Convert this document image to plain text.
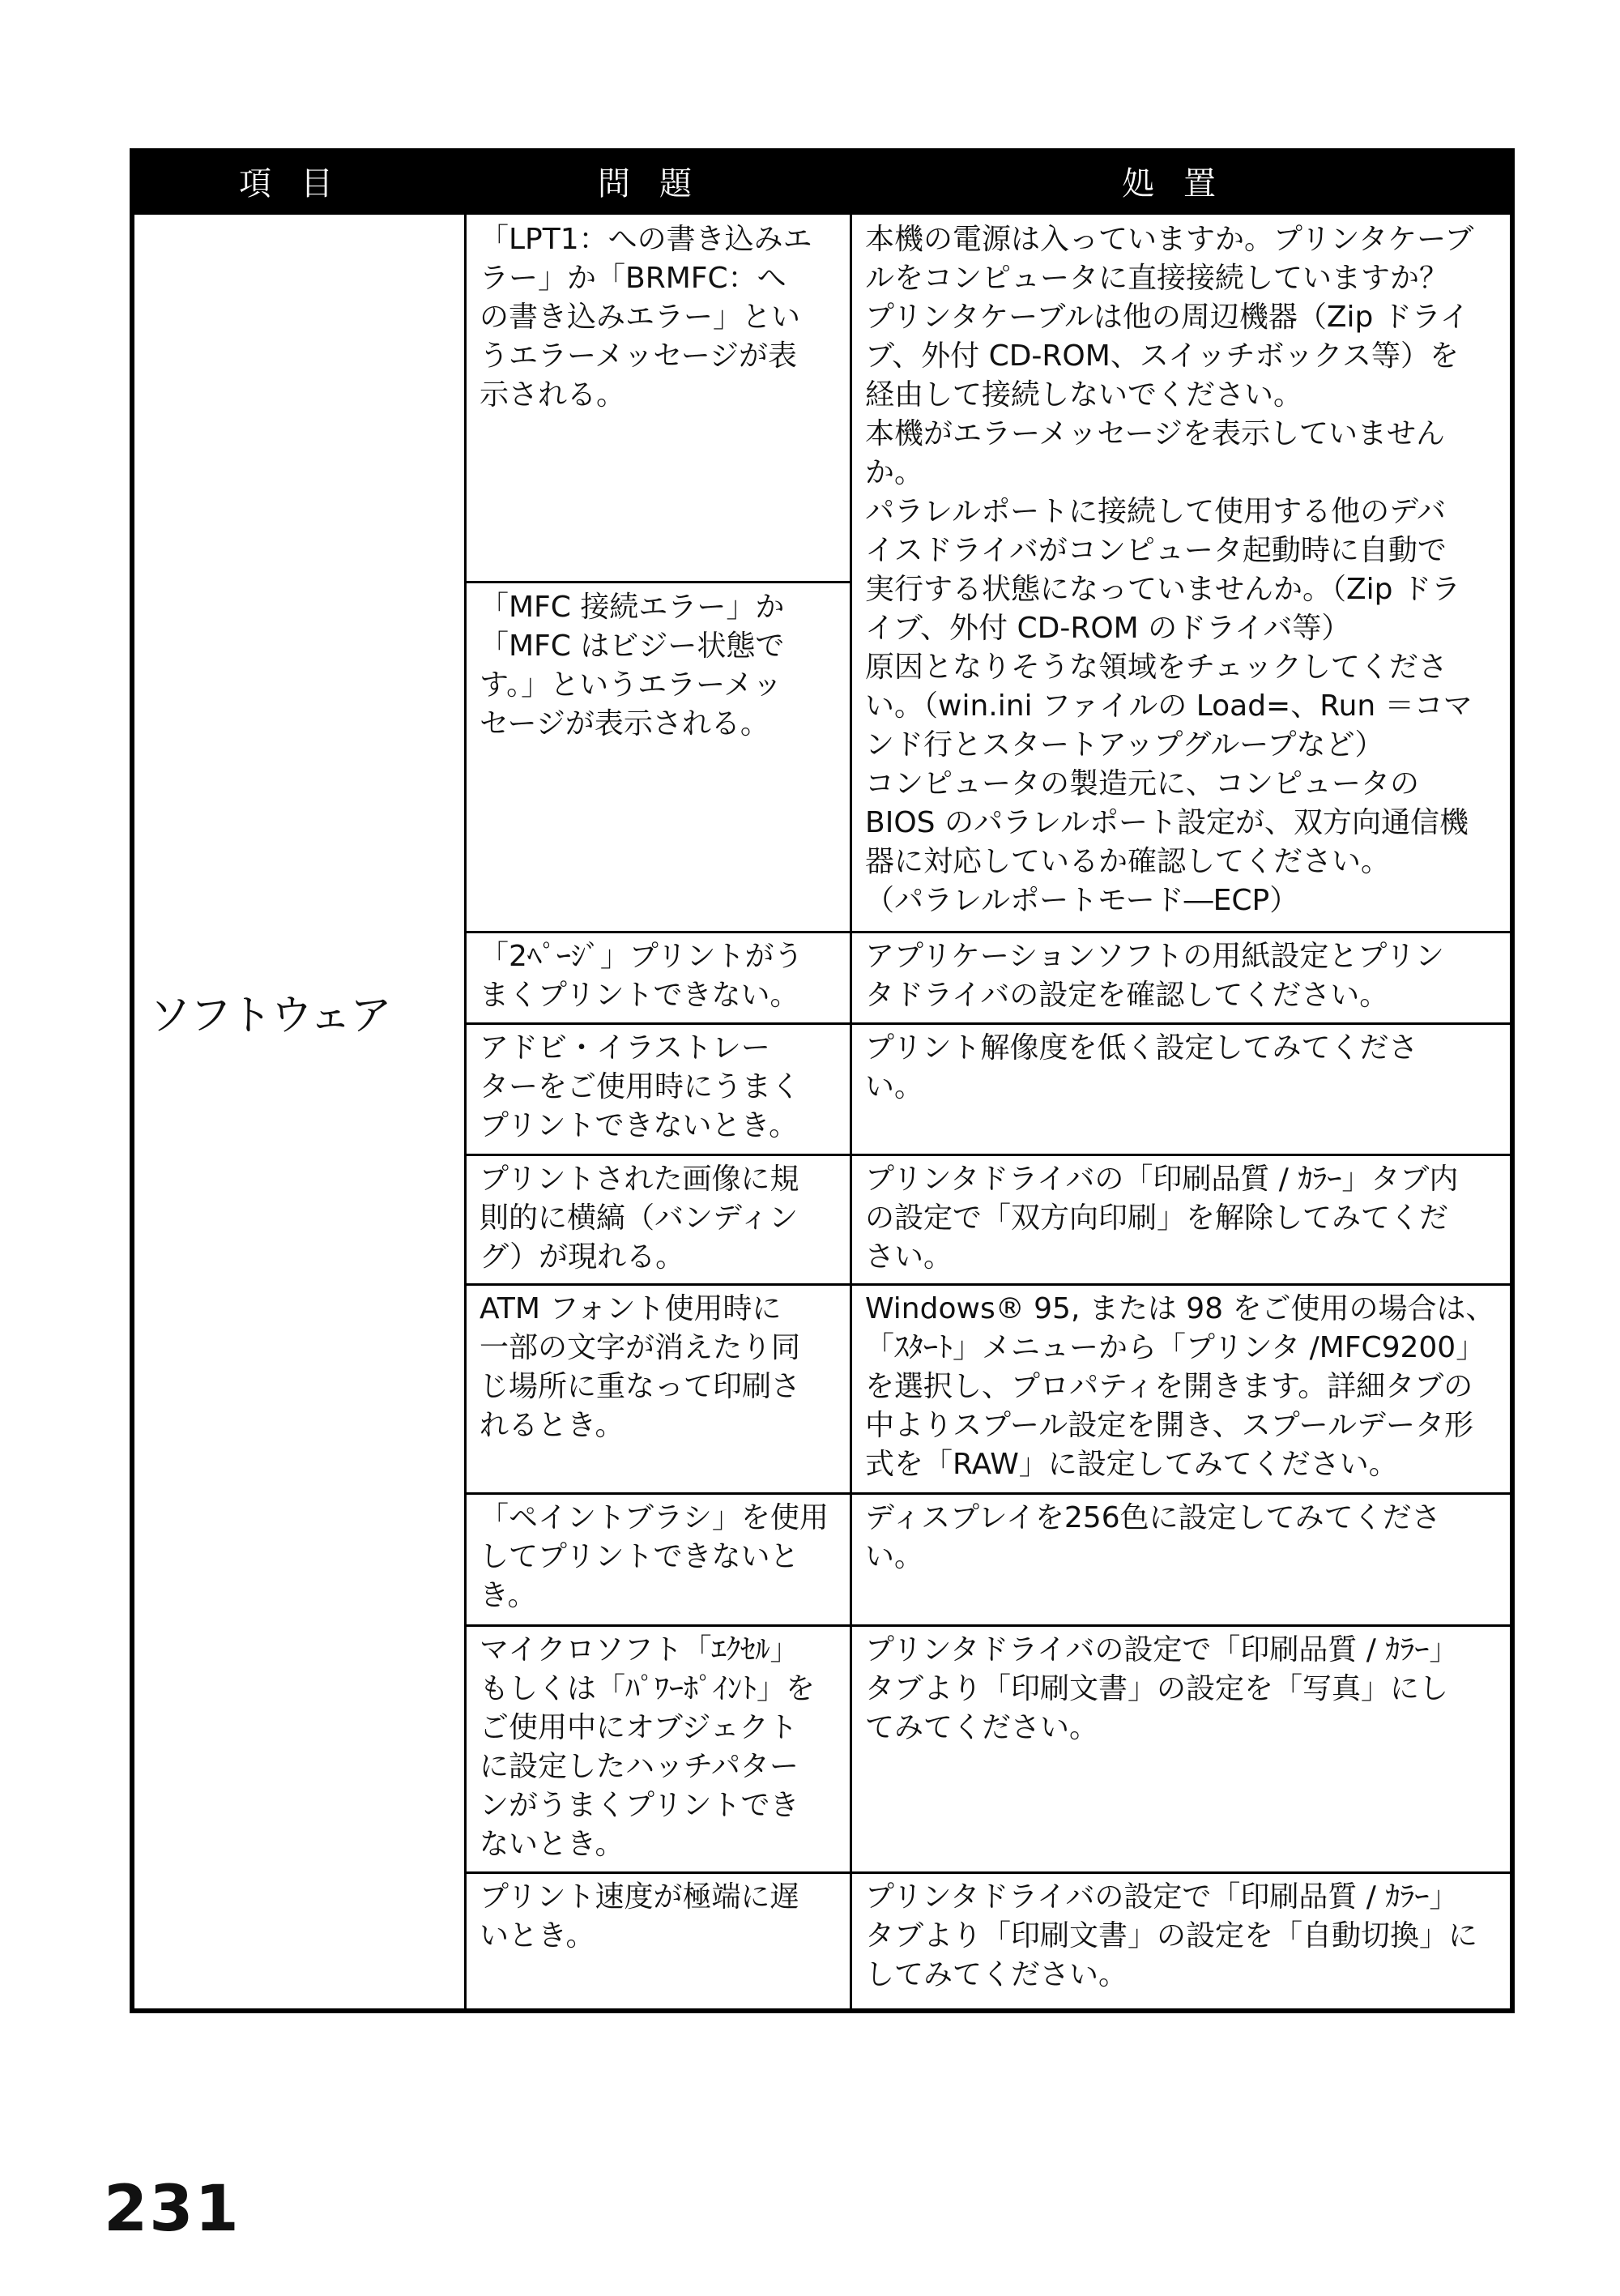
項目	問題	処置
ソフトウェア
「LPT1：への書き込みエ
ラー」か「BRMFC：へ
の書き込みエラー」とい
うエラーメッセージが表
示される。
「MFC 接続エラー」か
「MFC はビジー状態で
す。」というエラーメッ
セージが表示される。
「2ﾍﾟｰｼﾞ」プリントがう
まくプリントできない。
アドビ・イラストレー
ターをご使用時にうまく
プリントできないとき。
プリントされた画像に規
則的に横縞（バンディン
グ）が現れる。
ATM フォント使用時に
一部の文字が消えたり同
じ場所に重なって印刷さ
れるとき。
「ペイントブラシ」を使用
してプリントできないと
き。
マイクロソフト「ｴｸｾﾙ」
もしくは「ﾊﾟﾜｰﾎﾟｲﾝﾄ」を
ご使用中にオブジェクト
に設定したハッチパター
ンがうまくプリントでき
ないとき。
プリント速度が極端に遅
いとき。
本機の電源は入っていますか。プリンタケーブ
ルをコンピュータに直接接続していますか？
プリンタケーブルは他の周辺機器（Zip ドライ
ブ、外付 CD-ROM、スイッチボックス等）を
経由して接続しないでください。
本機がエラーメッセージを表示していません
か。
パラレルポートに接続して使用する他のデバ
イスドライバがコンピュータ起動時に自動で
実行する状態になっていませんか。（Zip ドラ
イブ、外付 CD-ROM のドライバ等）
原因となりそうな領域をチェックしてくださ
い。（win.ini ファイルの Load=、Run ＝コマ
ンド行とスタートアップグループなど）
コンピュータの製造元に、コンピュータの
BIOS のパラレルポート設定が、双方向通信機
器に対応しているか確認してください。
（パラレルポートモード―ECP）
アプリケーションソフトの用紙設定とプリン
タドライバの設定を確認してください。
プリント解像度を低く設定してみてくださ
い。
プリンタドライバの「印刷品質 / ｶﾗｰ」タブ内
の設定で「双方向印刷」を解除してみてくだ
さい。
Windows® 95, または 98 をご使用の場合は、
「ｽﾀｰﾄ」メニューから「プリンタ /MFC9200」
を選択し、プロパティを開きます。詳細タブの
中よりスプール設定を開き、スプールデータ形
式を「RAW」に設定してみてください。
ディスプレイを256色に設定してみてくださ
い。
プリンタドライバの設定で「印刷品質 / ｶﾗｰ」
タブより「印刷文書」の設定を「写真」にし
てみてください。
プリンタドライバの設定で「印刷品質 / ｶﾗｰ」
タブより「印刷文書」の設定を「自動切換」に
してみてください。
231
